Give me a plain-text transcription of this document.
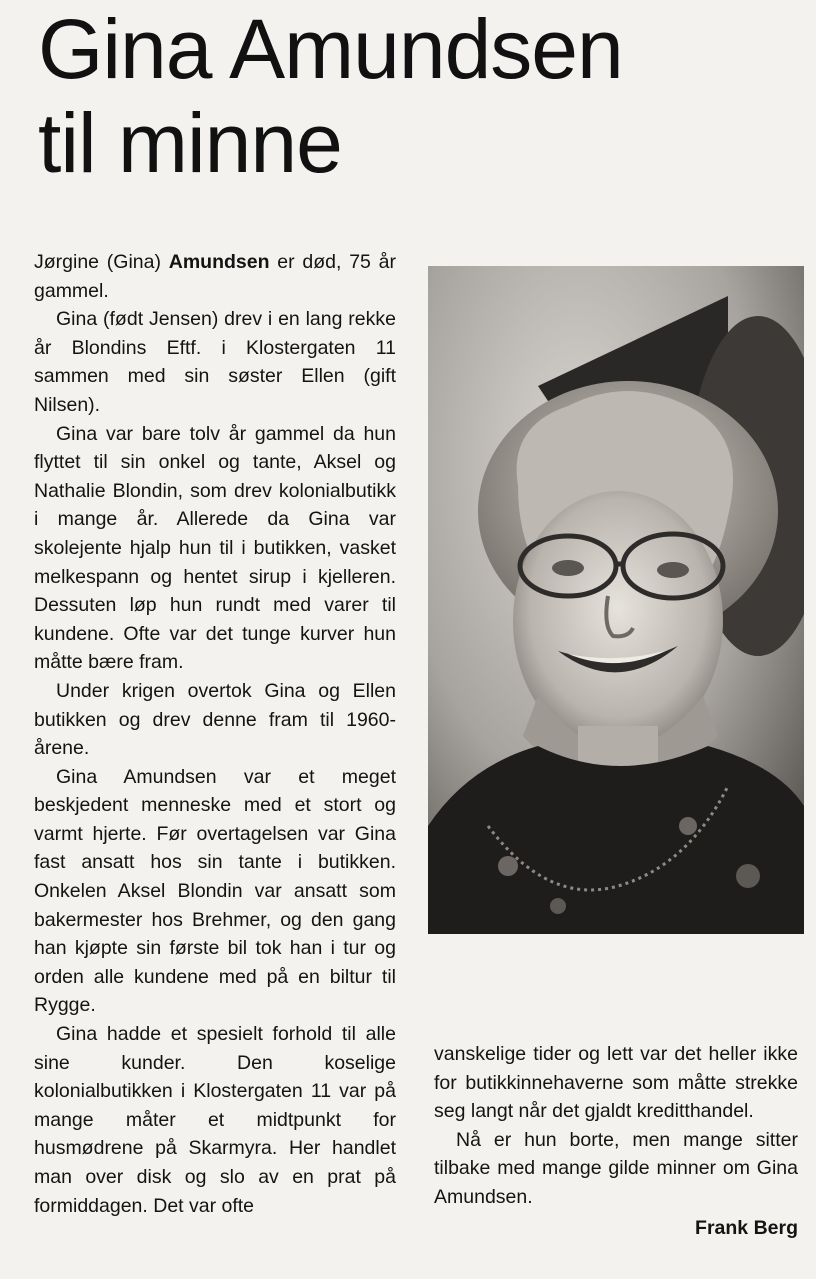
Gina Amundsen
til minne

Jørgine (Gina) Amundsen er død, 75 år gammel.

Gina (født Jensen) drev i en lang rekke år Blondins Eftf. i Klostergaten 11 sammen med sin søster Ellen (gift Nilsen).

Gina var bare tolv år gammel da hun flyttet til sin onkel og tante, Aksel og Nathalie Blondin, som drev kolonialbutikk i mange år. Allerede da Gina var skolejente hjalp hun til i butikken, vasket melkespann og hentet sirup i kjelleren. Dessuten løp hun rundt med varer til kundene. Ofte var det tunge kurver hun måtte bære fram.

Under krigen overtok Gina og Ellen butikken og drev denne fram til 1960-årene.

Gina Amundsen var et meget beskjedent menneske med et stort og varmt hjerte. Før overtagelsen var Gina fast ansatt hos sin tante i butikken. Onkelen Aksel Blondin var ansatt som bakermester hos Brehmer, og den gang han kjøpte sin første bil tok han i tur og orden alle kundene med på en biltur til Rygge.

Gina hadde et spesielt forhold til alle sine kunder. Den koselige kolonialbutikken i Klostergaten 11 var på mange måter et midtpunkt for husmødrene på Skarmyra. Her handlet man over disk og slo av en prat på formiddagen. Det var ofte

vanskelige tider og lett var det heller ikke for butikkinnehaverne som måtte strekke seg langt når det gjaldt kreditthandel.

Nå er hun borte, men mange sitter tilbake med mange gilde minner om Gina Amundsen.

Frank Berg
